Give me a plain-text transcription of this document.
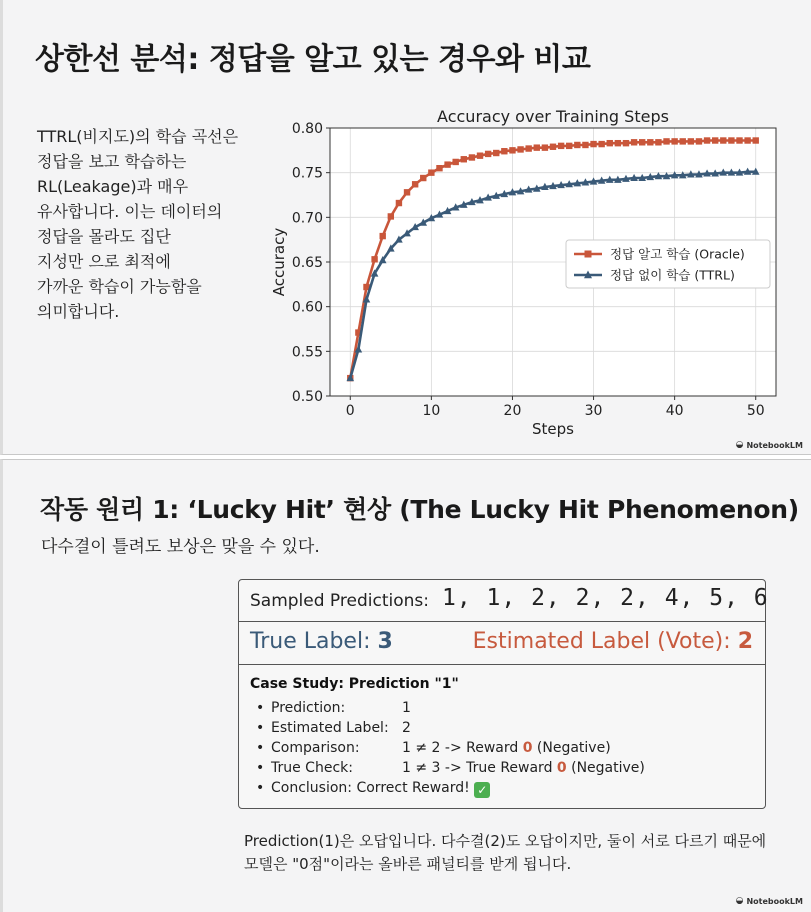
상한선 분석: 정답을 알고 있는 경우와 비교
TTRL(비지도)의 학습 곡선은
정답을 보고 학습하는
RL(Leakage)과 매우
유사합니다. 이는 데이터의
정답을 몰라도 집단
지성만 으로 최적에
가까운 학습이 가능함을
의미합니다.
0	10	20	30	40	50
0.50
0.55
0.60
0.65
0.70
0.75
0.80
Accuracy over Training Steps
Steps
Accuracy	정답 알고 학습 (Oracle)
정답 없이 학습 (TTRL)
◒ NotebookLM
◒ NotebookLM
작동 원리 1: ‘Lucky Hit’ 현상 (The Lucky Hit Phenomenon)
다수결이 틀려도 보상은 맞을 수 있다.
Sampled Predictions: 1, 1, 2, 2, 2, 4, 5, 6
True Label: 3	Estimated Label (Vote): 2
Case Study: Prediction "1"
• Prediction:	1
• Estimated Label: 2
• Comparison:	1 ≠ 2 -> Reward 0 (Negative)
• True Check:	1 ≠ 3 -> True Reward 0 (Negative)
• Conclusion: Correct Reward! ✓
Prediction(1)은 오답입니다. 다수결(2)도 오답이지만, 둘이 서로 다르기 때문에
모델은 "0점"이라는 올바른 패널티를 받게 됩니다.
